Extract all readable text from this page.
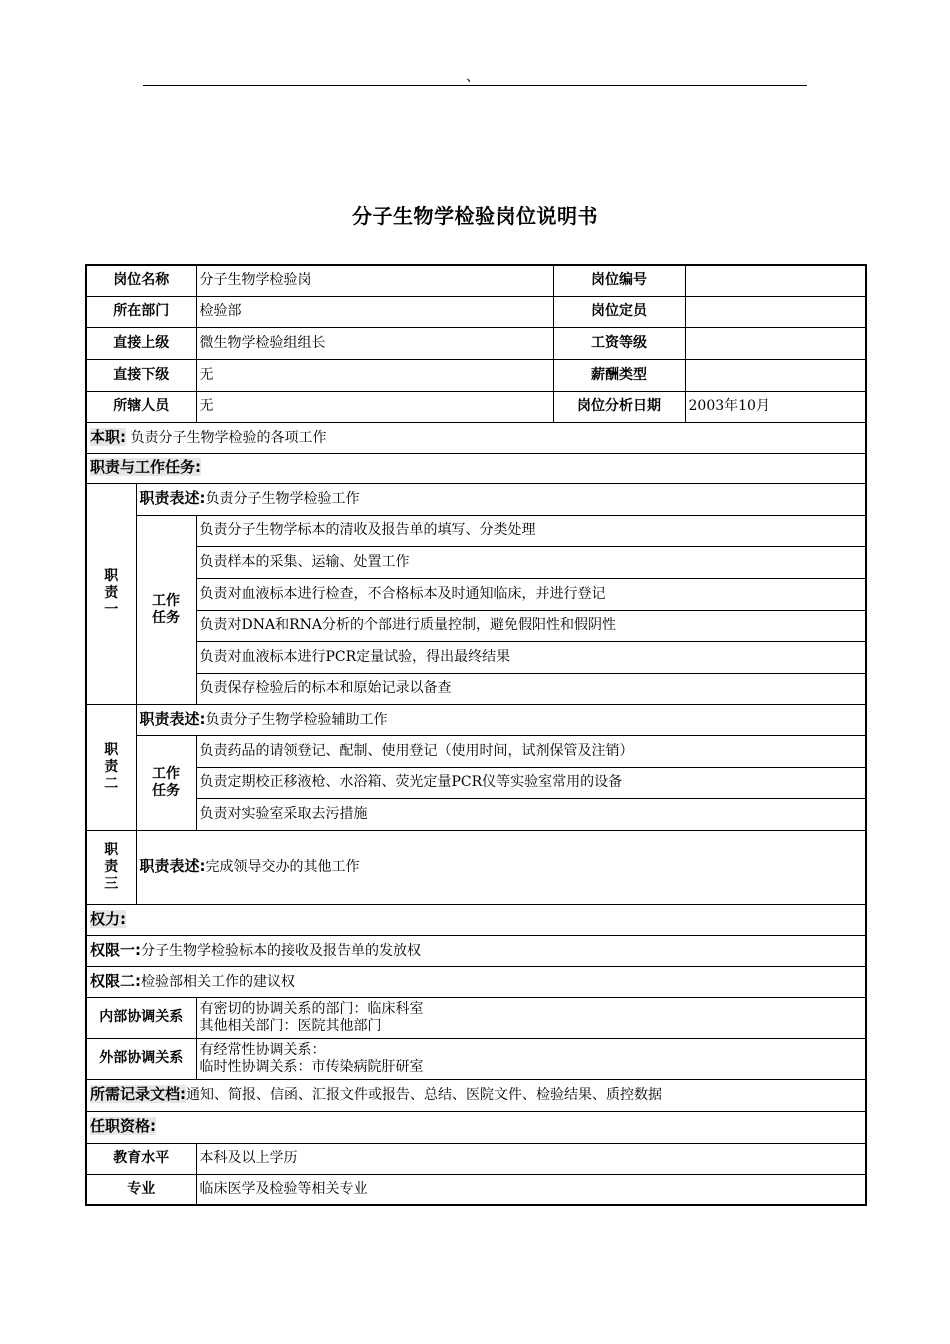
、
分子生物学检验岗位说明书
岗位名称		分子生物学检验岗	岗位编号	
所在部门		检验部	岗位定员	
直接上级		微生物学检验组组长	工资等级	
直接下级		无	薪酬类型	
所辖人员		无	岗位分析日期	2003年10月
本职: 负责分子生物学检验的各项工作				
职责与工作任务:				
职
责
一	职责表述:负责分子生物学检验工作			
	工作
任务	负责分子生物学标本的清收及报告单的填写、分类处理		
		负责样本的采集、运输、处置工作		
		负责对血液标本进行检查，不合格标本及时通知临床，并进行登记		
		负责对DNA和RNA分析的个部进行质量控制，避免假阳性和假阴性		
		负责对血液标本进行PCR定量试验，得出最终结果		
		负责保存检验后的标本和原始记录以备查		
职
责
二	职责表述:负责分子生物学检验辅助工作			
	工作
任务	负责药品的请领登记、配制、使用登记（使用时间，试剂保管及注销）		
		负责定期校正移液枪、水浴箱、荧光定量PCR仪等实验室常用的设备		
		负责对实验室采取去污措施		
职
责
三	职责表述:完成领导交办的其他工作			
权力:				
权限一:分子生物学检验标本的接收及报告单的发放权				
权限二:检验部相关工作的建议权				
内部协调关系		有密切的协调关系的部门：临床科室
其他相关部门：医院其他部门		

外部协调关系		有经常性协调关系：
临时性协调关系：市传染病院肝研室		

所需记录文档:通知、简报、信函、汇报文件或报告、总结、医院文件、检验结果、质控数据				
任职资格:				
教育水平		本科及以上学历		
专业		临床医学及检验等相关专业		
